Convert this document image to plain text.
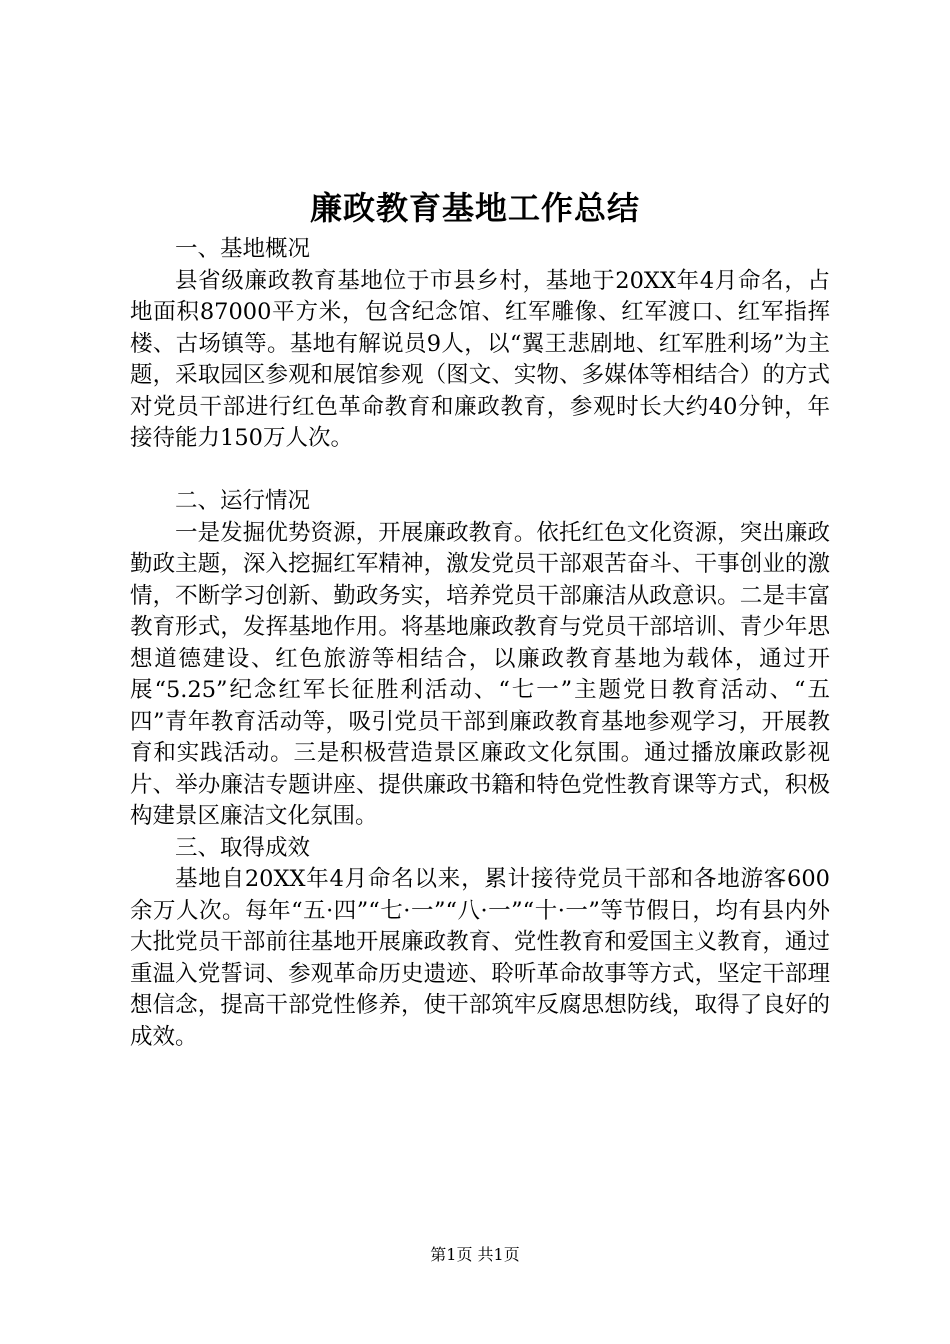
廉政教育基地工作总结

一、基地概况

县省级廉政教育基地位于市县乡村，基地于20XX年4月命名，占地面积87000平方米，包含纪念馆、红军雕像、红军渡口、红军指挥楼、古场镇等。基地有解说员9人，以“翼王悲剧地、红军胜利场”为主题，采取园区参观和展馆参观（图文、实物、多媒体等相结合）的方式对党员干部进行红色革命教育和廉政教育，参观时长大约40分钟，年接待能力150万人次。

二、运行情况

一是发掘优势资源，开展廉政教育。依托红色文化资源，突出廉政勤政主题，深入挖掘红军精神，激发党员干部艰苦奋斗、干事创业的激情，不断学习创新、勤政务实，培养党员干部廉洁从政意识。二是丰富教育形式，发挥基地作用。将基地廉政教育与党员干部培训、青少年思想道德建设、红色旅游等相结合，以廉政教育基地为载体，通过开展“5.25”纪念红军长征胜利活动、“七一”主题党日教育活动、“五四”青年教育活动等，吸引党员干部到廉政教育基地参观学习，开展教育和实践活动。三是积极营造景区廉政文化氛围。通过播放廉政影视片、举办廉洁专题讲座、提供廉政书籍和特色党性教育课等方式，积极构建景区廉洁文化氛围。

三、取得成效

基地自20XX年4月命名以来，累计接待党员干部和各地游客600余万人次。每年“五·四”“七·一”“八·一”“十·一”等节假日，均有县内外大批党员干部前往基地开展廉政教育、党性教育和爱国主义教育，通过重温入党誓词、参观革命历史遗迹、聆听革命故事等方式，坚定干部理想信念，提高干部党性修养，使干部筑牢反腐思想防线，取得了良好的成效。

第1页 共1页
